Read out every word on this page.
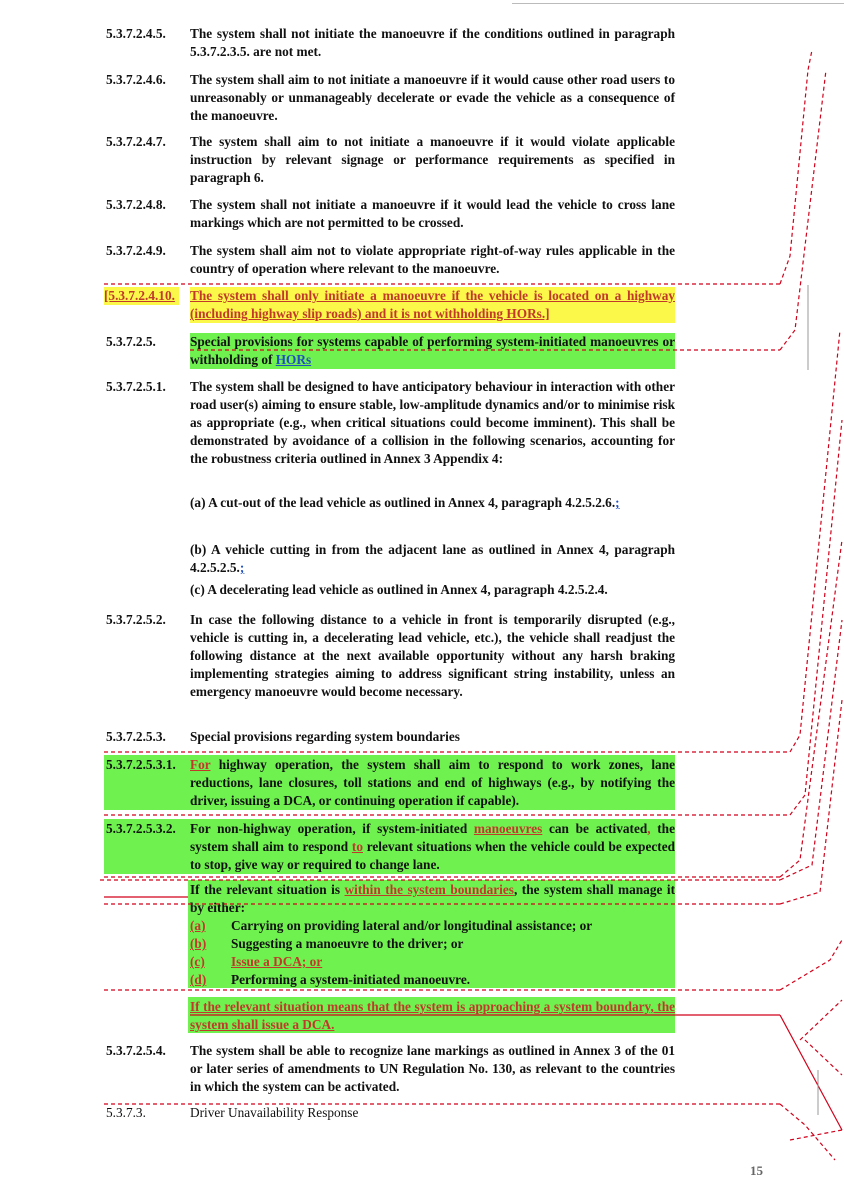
5.3.7.2.4.5. The system shall not initiate the manoeuvre if the conditions outlined in paragraph 5.3.7.2.3.5. are not met.
5.3.7.2.4.6. The system shall aim to not initiate a manoeuvre if it would cause other road users to unreasonably or unmanageably decelerate or evade the vehicle as a consequence of the manoeuvre.
5.3.7.2.4.7. The system shall aim to not initiate a manoeuvre if it would violate applicable instruction by relevant signage or performance requirements as specified in paragraph 6.
5.3.7.2.4.8. The system shall not initiate a manoeuvre if it would lead the vehicle to cross lane markings which are not permitted to be crossed.
5.3.7.2.4.9. The system shall aim not to violate appropriate right-of-way rules applicable in the country of operation where relevant to the manoeuvre.
[5.3.7.2.4.10.	The system shall only initiate a manoeuvre if the vehicle is located on a highway (including highway slip roads) and it is not withholding HORs.]
5.3.7.2.5.	Special provisions for systems capable of performing system-initiated manoeuvres or withholding of HORs
5.3.7.2.5.1. The system shall be designed to have anticipatory behaviour in interaction with other road user(s) aiming to ensure stable, low-amplitude dynamics and/or to minimise risk as appropriate (e.g., when critical situations could become imminent). This shall be demonstrated by avoidance of a collision in the following scenarios, accounting for the robustness criteria outlined in Annex 3 Appendix 4:
(a) A cut-out of the lead vehicle as outlined in Annex 4, paragraph 4.2.5.2.6.;
(b) A vehicle cutting in from the adjacent lane as outlined in Annex 4, paragraph 4.2.5.2.5.;
(c) A decelerating lead vehicle as outlined in Annex 4, paragraph 4.2.5.2.4.
5.3.7.2.5.2. In case the following distance to a vehicle in front is temporarily disrupted (e.g., vehicle is cutting in, a decelerating lead vehicle, etc.), the vehicle shall readjust the following distance at the next available opportunity without any harsh braking implementing strategies aiming to address significant string instability, unless an emergency manoeuvre would become necessary.
5.3.7.2.5.3. Special provisions regarding system boundaries
5.3.7.2.5.3.1. For highway operation, the system shall aim to respond to work zones, lane reductions, lane closures, toll stations and end of highways (e.g., by notifying the driver, issuing a DCA, or continuing operation if capable).
5.3.7.2.5.3.2. For non-highway operation, if system-initiated manoeuvres can be activated, the system shall aim to respond to relevant situations when the vehicle could be expected to stop, give way or required to change lane.
If the relevant situation is within the system boundaries, the system shall manage it by either:
(a) Carrying on providing lateral and/or longitudinal assistance; or
(b) Suggesting a manoeuvre to the driver; or
(c) Issue a DCA; or
(d) Performing a system-initiated manoeuvre.
If the relevant situation means that the system is approaching a system boundary, the system shall issue a DCA.
5.3.7.2.5.4. The system shall be able to recognize lane markings as outlined in Annex 3 of the 01 or later series of amendments to UN Regulation No. 130, as relevant to the countries in which the system can be activated.
5.3.7.3.	Driver Unavailability Response
15
